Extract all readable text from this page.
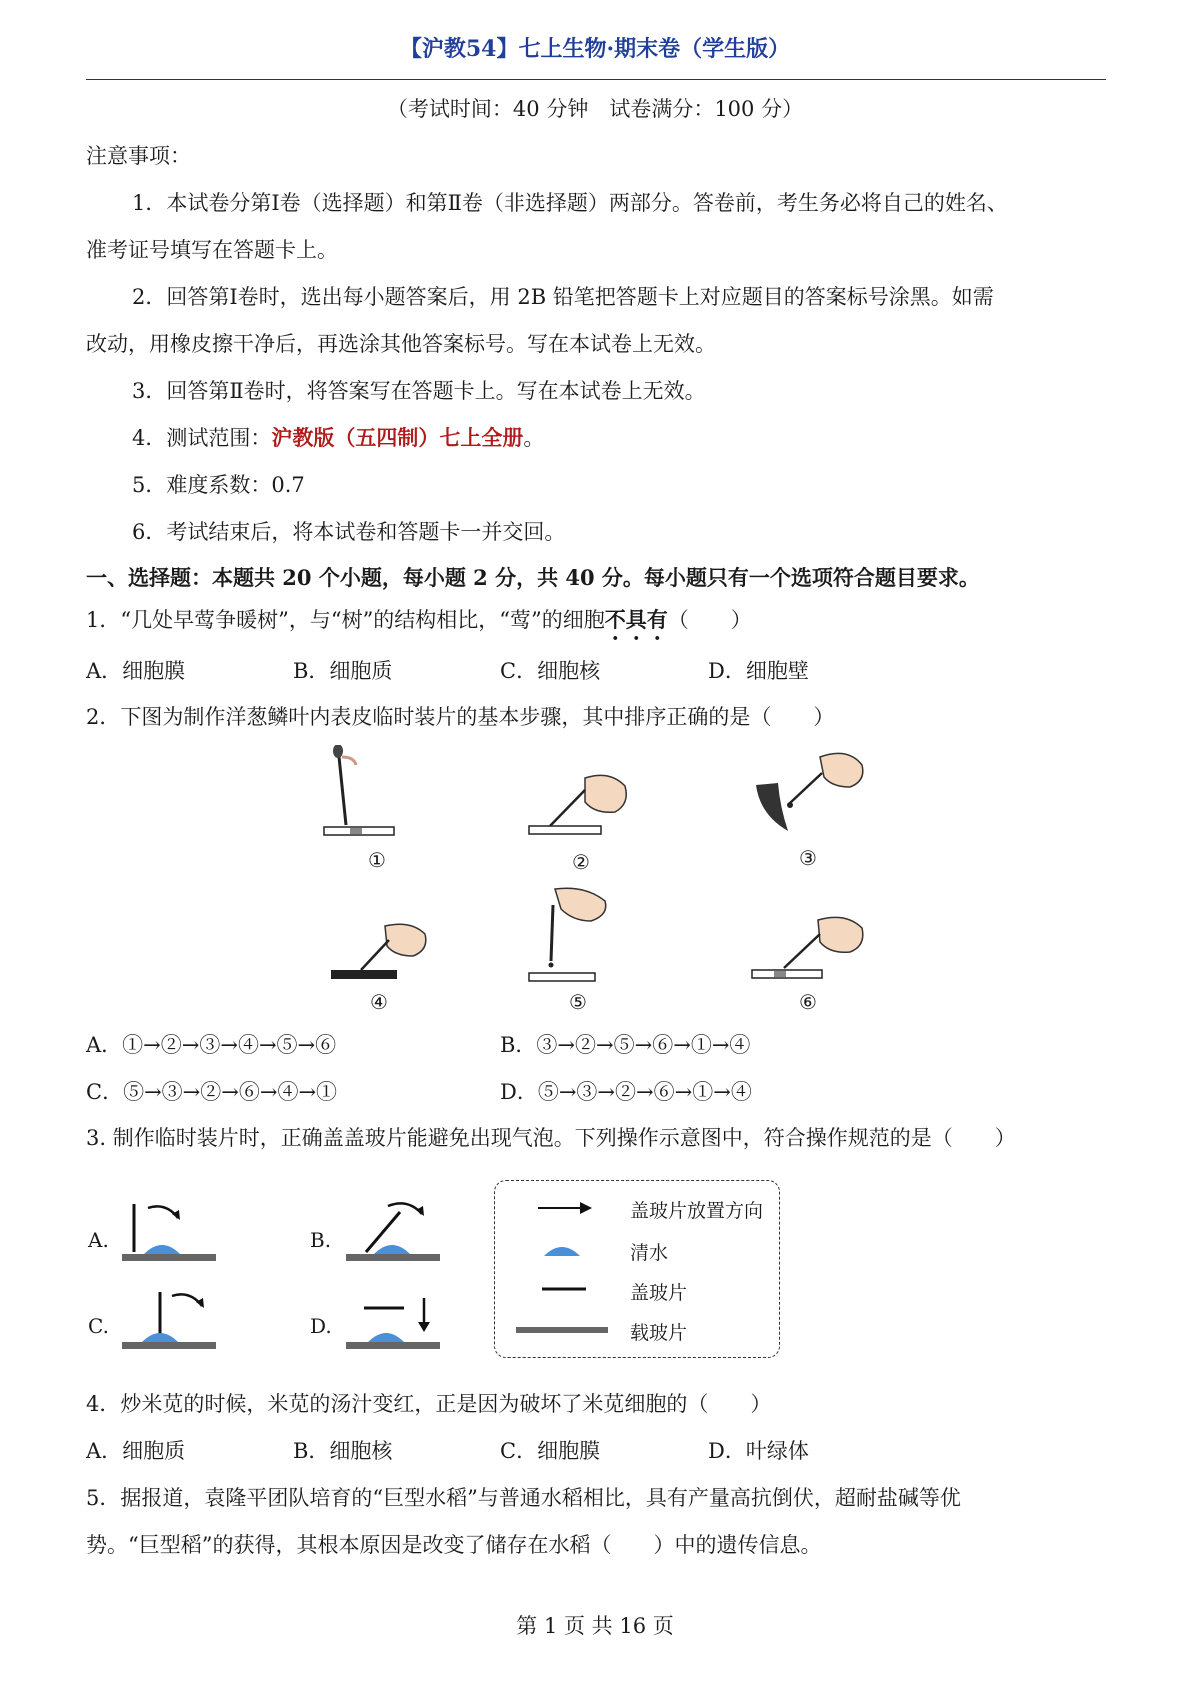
【沪教54】七上生物·期末卷（学生版）
（考试时间：40 分钟　试卷满分：100 分）
注意事项：
1．本试卷分第Ⅰ卷（选择题）和第Ⅱ卷（非选择题）两部分。答卷前，考生务必将自己的姓名、
准考证号填写在答题卡上。
2．回答第Ⅰ卷时，选出每小题答案后，用 2B 铅笔把答题卡上对应题目的答案标号涂黑。如需
改动，用橡皮擦干净后，再选涂其他答案标号。写在本试卷上无效。
3．回答第Ⅱ卷时，将答案写在答题卡上。写在本试卷上无效。
4．测试范围：沪教版（五四制）七上全册。
5．难度系数：0.7
6．考试结束后，将本试卷和答题卡一并交回。
一、选择题：本题共 20 个小题，每小题 2 分，共 40 分。每小题只有一个选项符合题目要求。
1．“几处早莺争暖树”，与“树”的结构相比，“莺”的细胞不具有（　　）
A．细胞膜	B．细胞质	C．细胞核	D．细胞壁
2．下图为制作洋葱鳞叶内表皮临时装片的基本步骤，其中排序正确的是（　　）
①	②	③
④	⑤	⑥
A．①→②→③→④→⑤→⑥	B．③→②→⑤→⑥→①→④
C．⑤→③→②→⑥→④→①	D．⑤→③→②→⑥→①→④
3. 制作临时装片时，正确盖盖玻片能避免出现气泡。下列操作示意图中，符合操作规范的是（　　）
A.	B.
C.	D.
盖玻片放置方向
清水
盖玻片
载玻片
4．炒米苋的时候，米苋的汤汁变红，正是因为破坏了米苋细胞的（　　）
A．细胞质	B．细胞核	C．细胞膜	D．叶绿体
5．据报道，袁隆平团队培育的“巨型水稻”与普通水稻相比，具有产量高抗倒伏，超耐盐碱等优
势。“巨型稻”的获得，其根本原因是改变了储存在水稻（　　）中的遗传信息。
第 1 页 共 16 页
